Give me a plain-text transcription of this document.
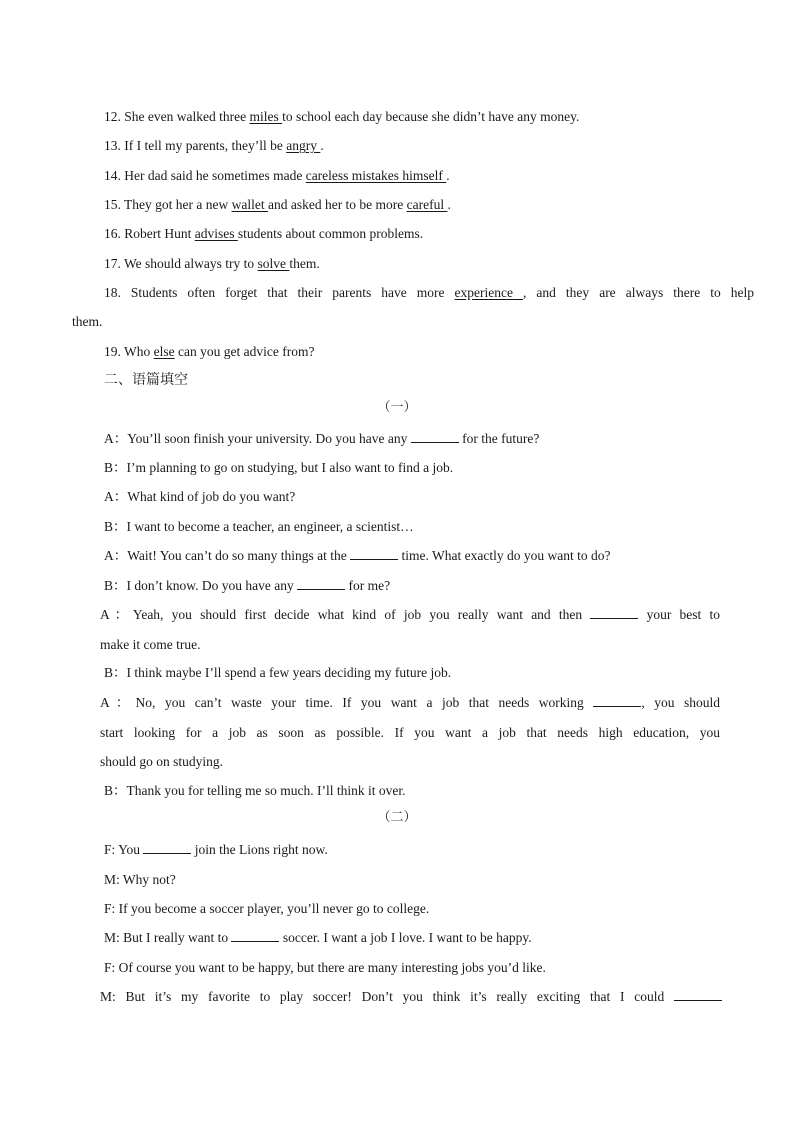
12. She even walked three miles to school each day because she didn’t have any money.
13. If I tell my parents, they’ll be angry .
14. Her dad said he sometimes made careless mistakes himself .
15. They got her a new wallet and asked her to be more careful .
16. Robert Hunt advises students about common problems.
17. We should always try to solve them.
18. Students often forget that their parents have more experience , and they are always there to help
them.
19. Who else can you get advice from?
二、语篇填空
（一）
A：You’ll soon finish your university. Do you have any	for the future?
B：I’m planning to go on studying, but I also want to find a job.
A：What kind of job do you want?
B：I want to become a teacher, an engineer, a scientist…
A：Wait! You can’t do so many things at the	time. What exactly do you want to do?
B：I don’t know. Do you have any	for me?
A：Yeah, you should first decide what kind of job you really want and then	your best to
make it come true.
B：I think maybe I’ll spend a few years deciding my future job.
A：No, you can’t waste your time. If you want a job that needs working	, you should
start looking for a job as soon as possible. If you want a job that needs high education, you
should go on studying.
B：Thank you for telling me so much. I’ll think it over.
（二）
F: You	join the Lions right now.
M: Why not?
F: If you become a soccer player, you’ll never go to college.
M: But I really want to	soccer. I want a job I love. I want to be happy.
F: Of course you want to be happy, but there are many interesting jobs you’d like.
M: But it’s my favorite to play soccer! Don’t you think it’s really exciting that I could
